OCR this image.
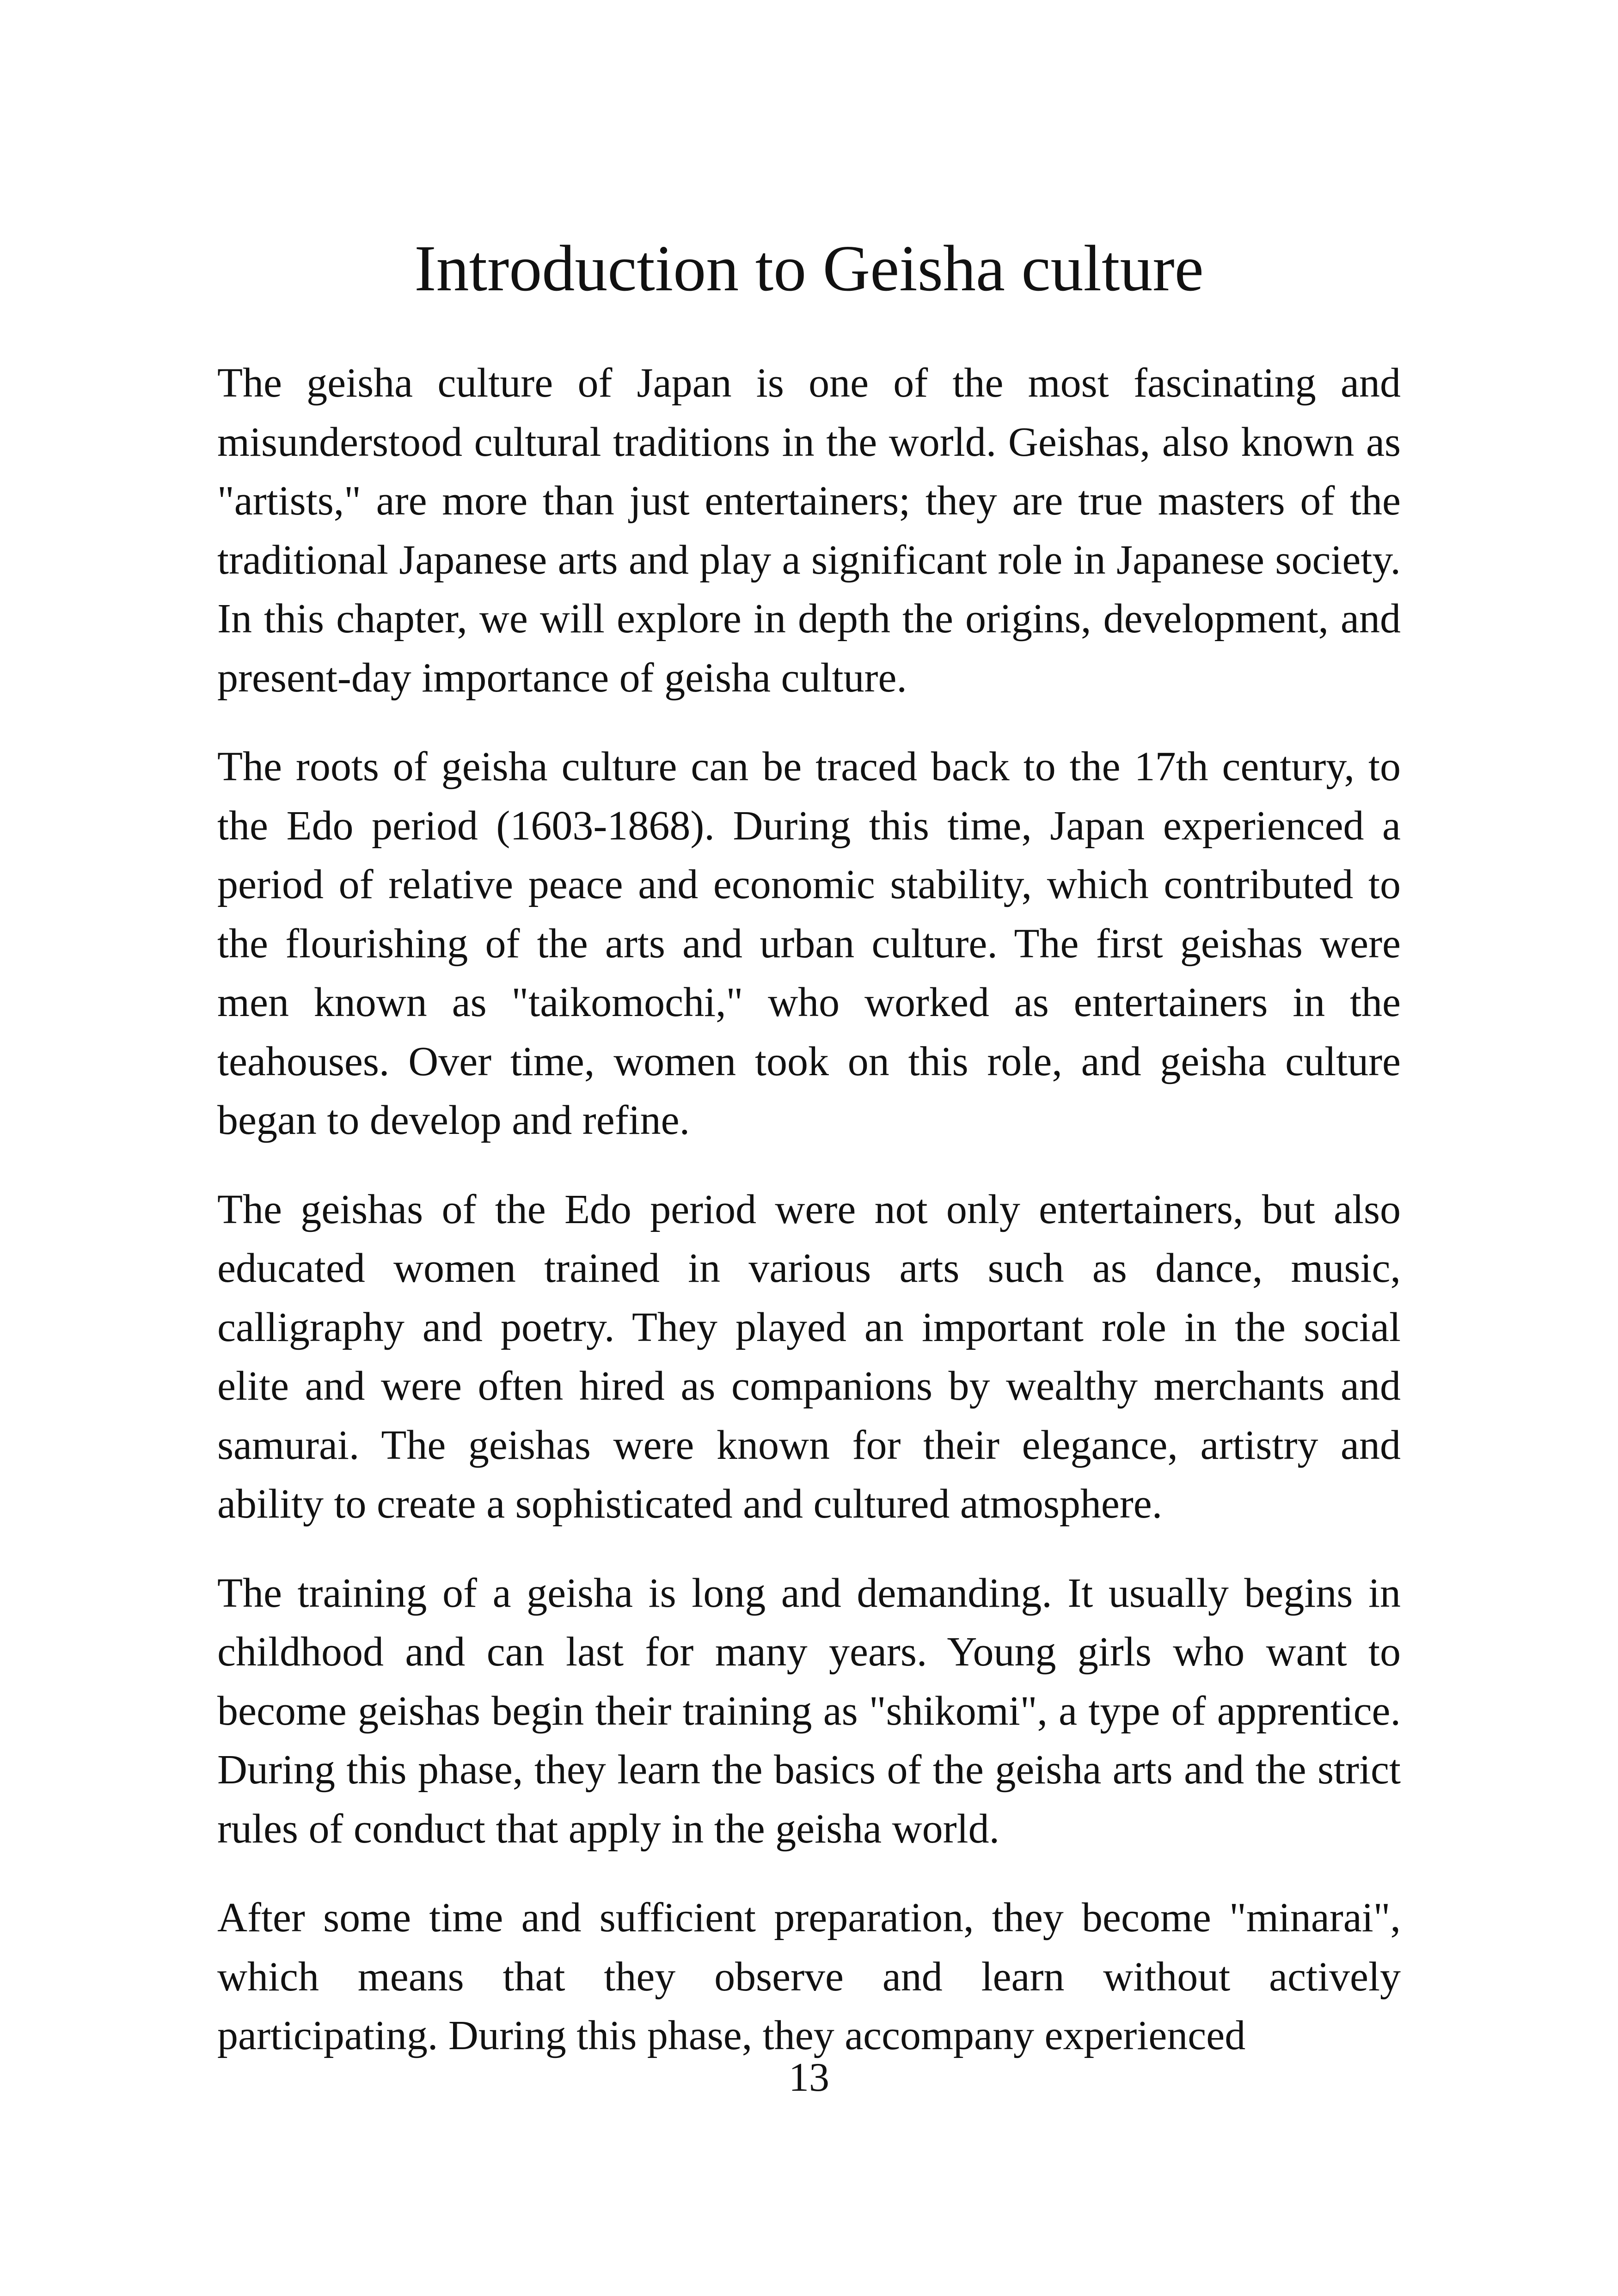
Introduction to Geisha culture

The geisha culture of Japan is one of the most fascinating and misunderstood cultural traditions in the world. Geishas, also known as "artists," are more than just entertainers; they are true masters of the traditional Japanese arts and play a significant role in Japanese society. In this chapter, we will explore in depth the origins, development, and present-day importance of geisha culture.

The roots of geisha culture can be traced back to the 17th century, to the Edo period (1603-1868). During this time, Japan experienced a period of relative peace and economic stability, which contributed to the flourishing of the arts and urban culture. The first geishas were men known as "taikomochi," who worked as entertainers in the teahouses. Over time, women took on this role, and geisha culture began to develop and refine.

The geishas of the Edo period were not only entertainers, but also educated women trained in various arts such as dance, music, calligraphy and poetry. They played an important role in the social elite and were often hired as companions by wealthy merchants and samurai. The geishas were known for their elegance, artistry and ability to create a sophisticated and cultured atmosphere.

The training of a geisha is long and demanding. It usually begins in childhood and can last for many years. Young girls who want to become geishas begin their training as "shikomi", a type of apprentice. During this phase, they learn the basics of the geisha arts and the strict rules of conduct that apply in the geisha world.

After some time and sufficient preparation, they become "minarai", which means that they observe and learn without actively participating. During this phase, they accompany experienced

13
